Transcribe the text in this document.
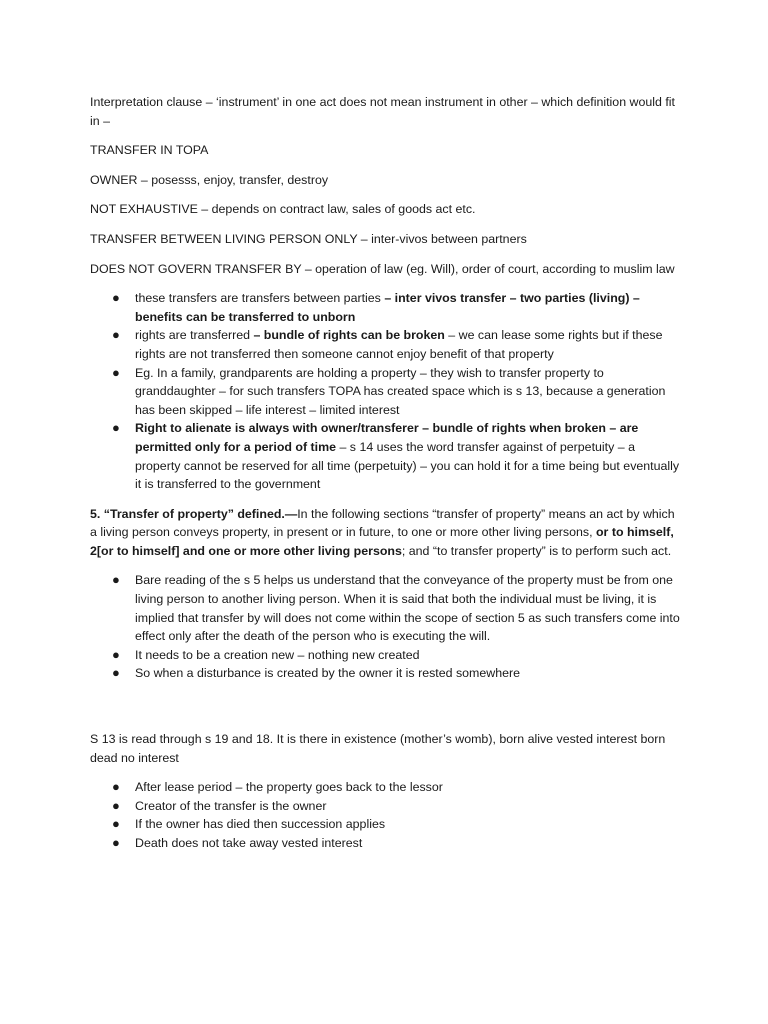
Interpretation clause – ‘instrument’ in one act does not mean instrument in other – which definition would fit in –

TRANSFER IN TOPA

OWNER – posesss, enjoy, transfer, destroy

NOT EXHAUSTIVE – depends on contract law, sales of goods act etc.

TRANSFER BETWEEN LIVING PERSON ONLY – inter-vivos between partners

DOES NOT GOVERN TRANSFER BY – operation of law (eg. Will), order of court, according to muslim law

● these transfers are transfers between parties – inter vivos transfer – two parties (living) – benefits can be transferred to unborn
● rights are transferred – bundle of rights can be broken – we can lease some rights but if these rights are not transferred then someone cannot enjoy benefit of that property
● Eg. In a family, grandparents are holding a property – they wish to transfer property to granddaughter – for such transfers TOPA has created space which is s 13, because a generation has been skipped – life interest – limited interest
● Right to alienate is always with owner/transferer – bundle of rights when broken – are permitted only for a period of time – s 14 uses the word transfer against of perpetuity – a property cannot be reserved for all time (perpetuity) – you can hold it for a time being but eventually it is transferred to the government

5. “Transfer of property” defined.—In the following sections “transfer of property” means an act by which a living person conveys property, in present or in future, to one or more other living persons, or to himself, 2[or to himself] and one or more other living persons; and “to transfer property” is to perform such act.

● Bare reading of the s 5 helps us understand that the conveyance of the property must be from one living person to another living person. When it is said that both the individual must be living, it is implied that transfer by will does not come within the scope of section 5 as such transfers come into effect only after the death of the person who is executing the will.
● It needs to be a creation new – nothing new created
● So when a disturbance is created by the owner it is rested somewhere

S 13 is read through s 19 and 18. It is there in existence (mother’s womb), born alive vested interest born dead no interest

● After lease period – the property goes back to the lessor
● Creator of the transfer is the owner
● If the owner has died then succession applies
● Death does not take away vested interest
